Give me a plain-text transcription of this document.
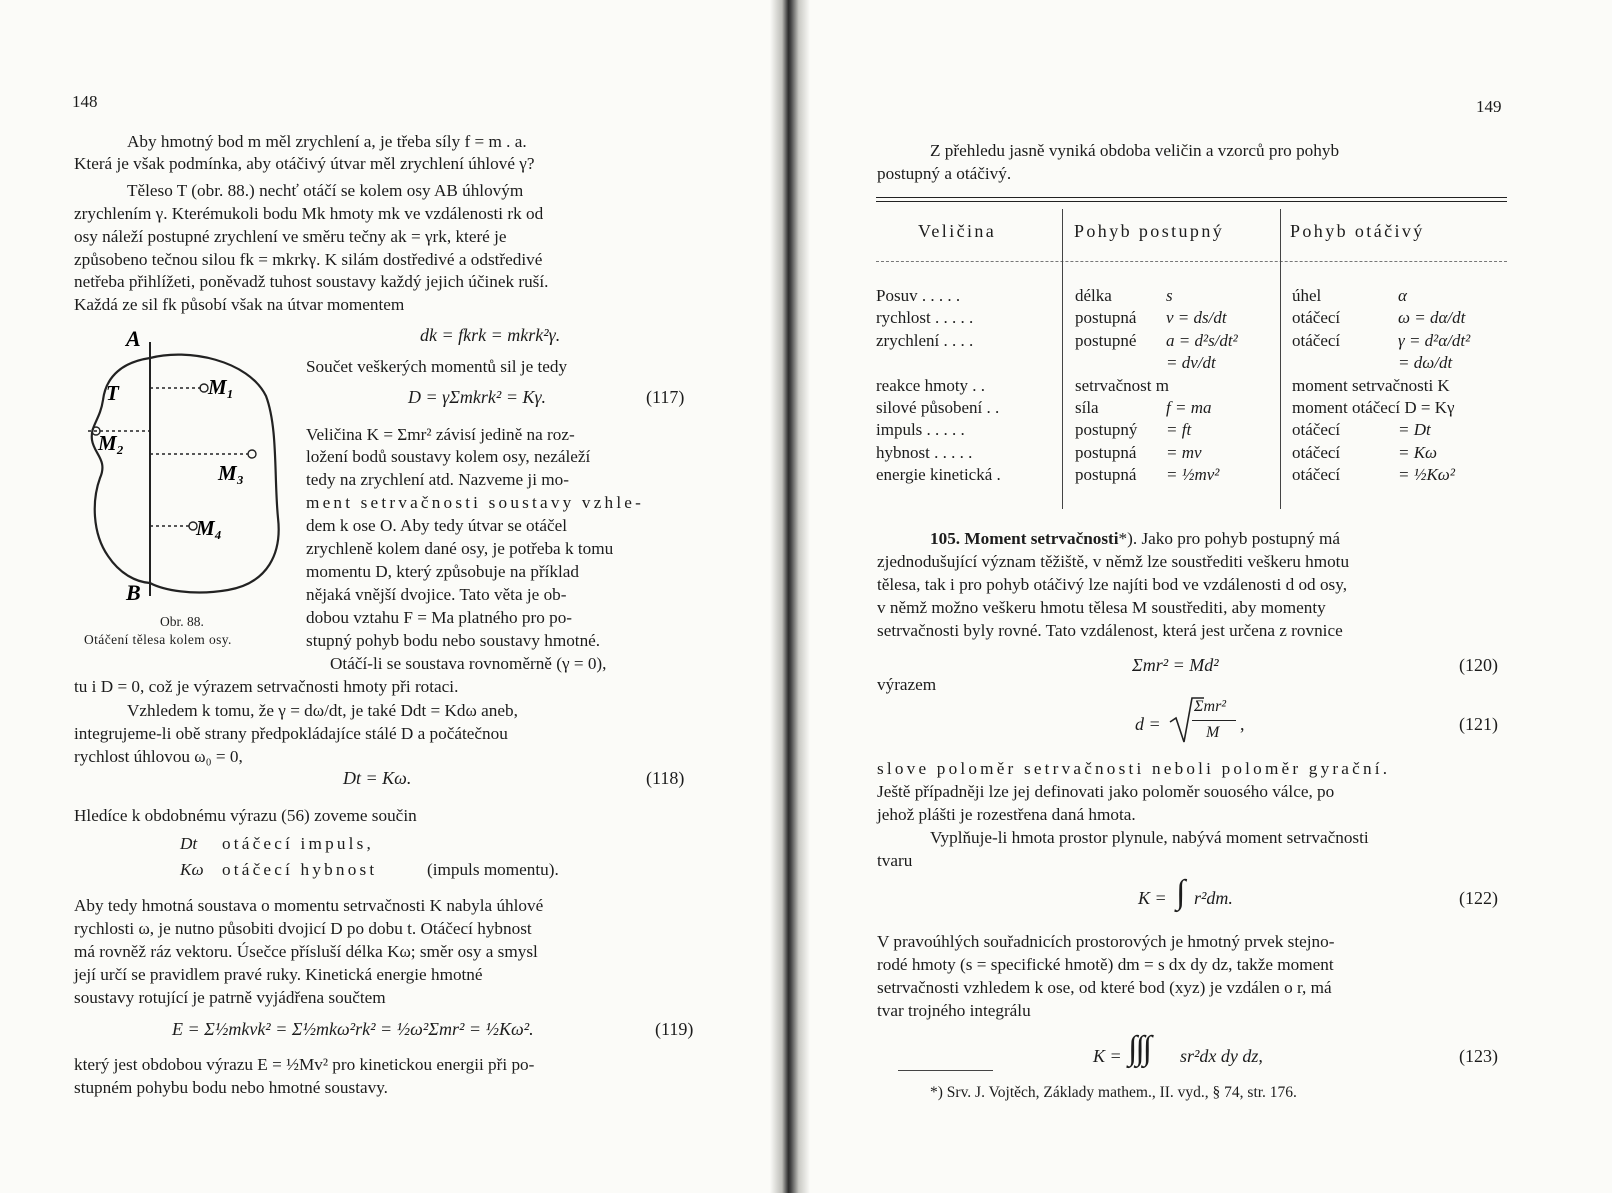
148
Aby hmotný bod m měl zrychlení a, je třeba síly f = m . a.
Která je však podmínka, aby otáčivý útvar měl zrychlení úhlové γ?
Těleso T (obr. 88.) nechť otáčí se kolem osy AB úhlovým
zrychlením γ. Kterémukoli bodu Mk hmoty mk ve vzdálenosti rk od
osy náleží postupné zrychlení ve směru tečny ak = γrk, které je
způsobeno tečnou silou fk = mkrkγ. K silám dostředivé a odstředivé
netřeba přihlížeti, poněvadž tuhost soustavy každý jejich účinek ruší.
Každá ze sil fk působí však na útvar momentem
dk = fkrk = mkrk²γ.
Součet veškerých momentů sil je tedy
D = γΣmkrk² = Kγ.	(117)
Veličina K = Σmr² závisí jedině na roz-
ložení bodů soustavy kolem osy, nezáleží
tedy na zrychlení atd. Nazveme ji mo-
ment setrvačnosti soustavy vzhle-
dem k ose O. Aby tedy útvar se otáčel
zrychleně kolem dané osy, je potřeba k tomu
momentu D, který způsobuje na příklad
nějaká vnější dvojice. Tato věta je ob-
dobou vztahu F = Ma platného pro po-
stupný pohyb bodu nebo soustavy hmotné.
Otáčí-li se soustava rovnoměrně (γ = 0),
tu i D = 0, což je výrazem setrvačnosti hmoty při rotaci.
A
T	M₁
M₂
M₃
M₄
B
Obr. 88.
Otáčení tělesa kolem osy.
Vzhledem k tomu, že γ = dω/dt, je také Ddt = Kdω aneb,
integrujeme-li obě strany předpokládajíce stálé D a počátečnou
rychlost úhlovou ω₀ = 0,
Dt = Kω.	(118)
Hledíce k obdobnému výrazu (56) zoveme součin
Dt otáčecí impuls,
Kω otáčecí hybnost	(impuls momentu).
Aby tedy hmotná soustava o momentu setrvačnosti K nabyla úhlové
rychlosti ω, je nutno působiti dvojicí D po dobu t. Otáčecí hybnost
má rovněž ráz vektoru. Úsečce přísluší délka Kω; směr osy a smysl
její určí se pravidlem pravé ruky. Kinetická energie hmotné
soustavy rotující je patrně vyjádřena součtem
E = Σ½mkvk² = Σ½mkω²rk² = ½ω²Σmr² = ½Kω².	(119)
který jest obdobou výrazu E = ½Mv² pro kinetickou energii při po-
stupném pohybu bodu nebo hmotné soustavy.
149
Z přehledu jasně vyniká obdoba veličin a vzorců pro pohyb
postupný a otáčivý.
Veličina	Pohyb postupný	Pohyb otáčivý
Posuv . . . . .	délka	s	úhel	α
rychlost . . . . .	postupná v = ds/dt	otáčecí	ω = dα/dt
zrychlení . . . .	postupné a = d²s/dt²	otáčecí	γ = d²α/dt²
= dv/dt	= dω/dt
reakce hmoty . .	setrvačnost m	moment setrvačnosti K
silové působení . .	síla	f = ma	moment otáčecí D = Kγ
impuls . . . . .	postupný = ft	otáčecí	= Dt
hybnost . . . . .	postupná = mv	otáčecí	= Kω
energie kinetická .	postupná = ½mv²	otáčecí	= ½Kω²
105. Moment setrvačnosti*). Jako pro pohyb postupný má
zjednodušující význam těžiště, v němž lze soustřediti veškeru hmotu
tělesa, tak i pro pohyb otáčivý lze najíti bod ve vzdálenosti d od osy,
v němž možno veškeru hmotu tělesa M soustřediti, aby momenty
setrvačnosti byly rovné. Tato vzdálenost, která jest určena z rovnice
Σmr² = Md²	(120)
výrazem
d =
Σmr²
M ,	(121)
slove poloměr setrvačnosti neboli poloměr gyrační.
Ještě případněji lze jej definovati jako poloměr souosého válce, po
jehož plášti je rozestřena daná hmota.
Vyplňuje-li hmota prostor plynule, nabývá moment setrvačnosti
tvaru
K = ∫ r²dm.	(122)
V pravoúhlých souřadnicích prostorových je hmotný prvek stejno-
rodé hmoty (s = specifické hmotě) dm = s dx dy dz, takže moment
setrvačnosti vzhledem k ose, od které bod (xyz) je vzdálen o r, má
tvar trojného integrálu
K = ∫∫∫ sr²dx dy dz,	(123)
*) Srv. J. Vojtěch, Základy mathem., II. vyd., § 74, str. 176.
